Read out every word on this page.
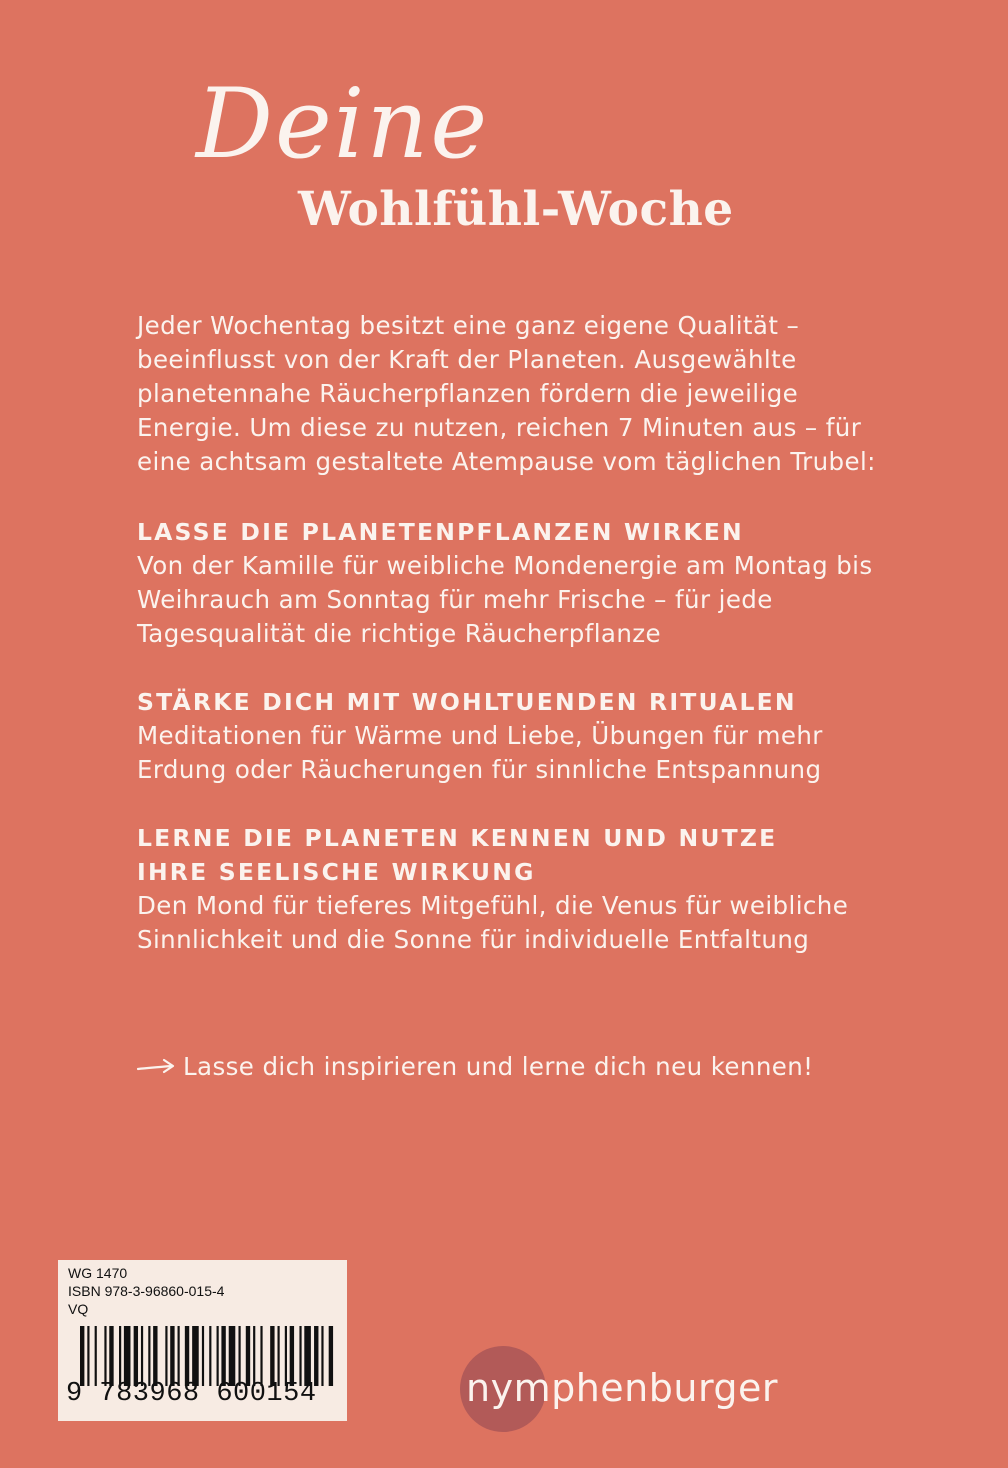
Deine
Wohlfühl-Woche

Jeder Wochentag besitzt eine ganz eigene Qualität – beeinflusst von der Kraft der Planeten. Ausgewählte planetennahe Räucherpflanzen fördern die jeweilige Energie. Um diese zu nutzen, reichen 7 Minuten aus – für eine achtsam gestaltete Atempause vom täglichen Trubel:

LASSE DIE PLANETENPFLANZEN WIRKEN

Von der Kamille für weibliche Mondenergie am Montag bis Weihrauch am Sonntag für mehr Frische – für jede Tagesqualität die richtige Räucherpflanze

STÄRKE DICH MIT WOHLTUENDEN RITUALEN

Meditationen für Wärme und Liebe, Übungen für mehr Erdung oder Räucherungen für sinnliche Entspannung

LERNE DIE PLANETEN KENNEN UND NUTZE
IHRE SEELISCHE WIRKUNG

Den Mond für tieferes Mitgefühl, die Venus für weibliche Sinnlichkeit und die Sonne für individuelle Entfaltung

Lasse dich inspirieren und lerne dich neu kennen!
WG 1470
ISBN 978-3-96860-015-4
VQ
9 783968 600154	nymphenburger
